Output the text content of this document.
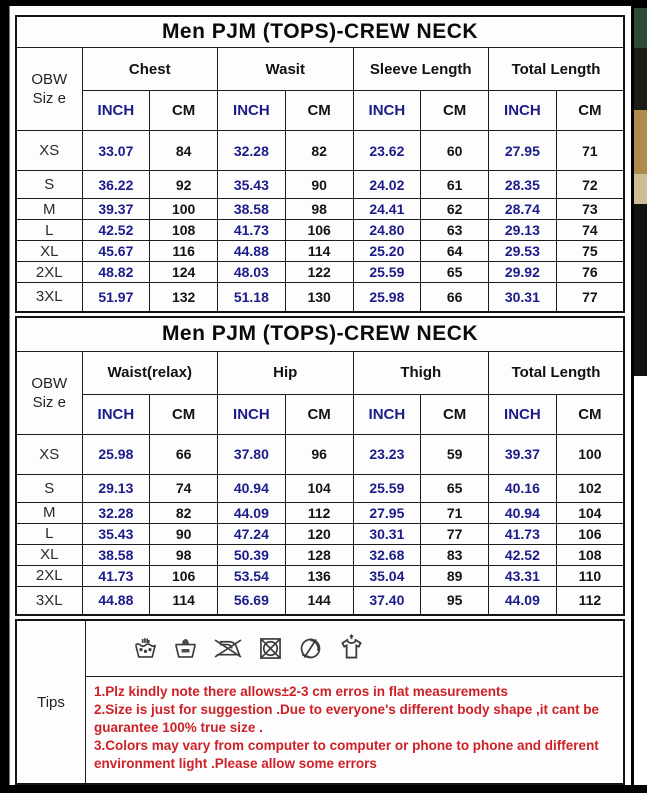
Men PJM (TOPS)-CREW NECK								

OBW
Siz e	Chest		Wasit		Sleeve Length		Total Length	
	INCH	CM	INCH	CM	INCH	CM	INCH	CM
XS	33.07	84	32.28	82	23.62	60	27.95	71
S	36.22	92	35.43	90	24.02	61	28.35	72
M	39.37	100	38.58	98	24.41	62	28.74	73
L	42.52	108	41.73	106	24.80	63	29.13	74
XL	45.67	116	44.88	114	25.20	64	29.53	75
2XL	48.82	124	48.03	122	25.59	65	29.92	76
3XL	51.97	132	51.18	130	25.98	66	30.31	77
Men PJM (TOPS)-CREW NECK								

OBW
Siz e	Waist(relax)		Hip		Thigh		Total Length	
	INCH	CM	INCH	CM	INCH	CM	INCH	CM
XS	25.98	66	37.80	96	23.23	59	39.37	100
S	29.13	74	40.94	104	25.59	65	40.16	102
M	32.28	82	44.09	112	27.95	71	40.94	104
L	35.43	90	47.24	120	30.31	77	41.73	106
XL	38.58	98	50.39	128	32.68	83	42.52	108
2XL	41.73	106	53.54	136	35.04	89	43.31	110
3XL	44.88	114	56.69	144	37.40	95	44.09	112
Tips	

1.Plz kindly note there allows±2-3 cm erros in flat measurements

2.Size is just for suggestion .Due to everyone's different body shape ,it cant be guarantee 100% true size .

3.Colors may vary from computer to computer or phone to phone and different environment light .Please allow some errors
